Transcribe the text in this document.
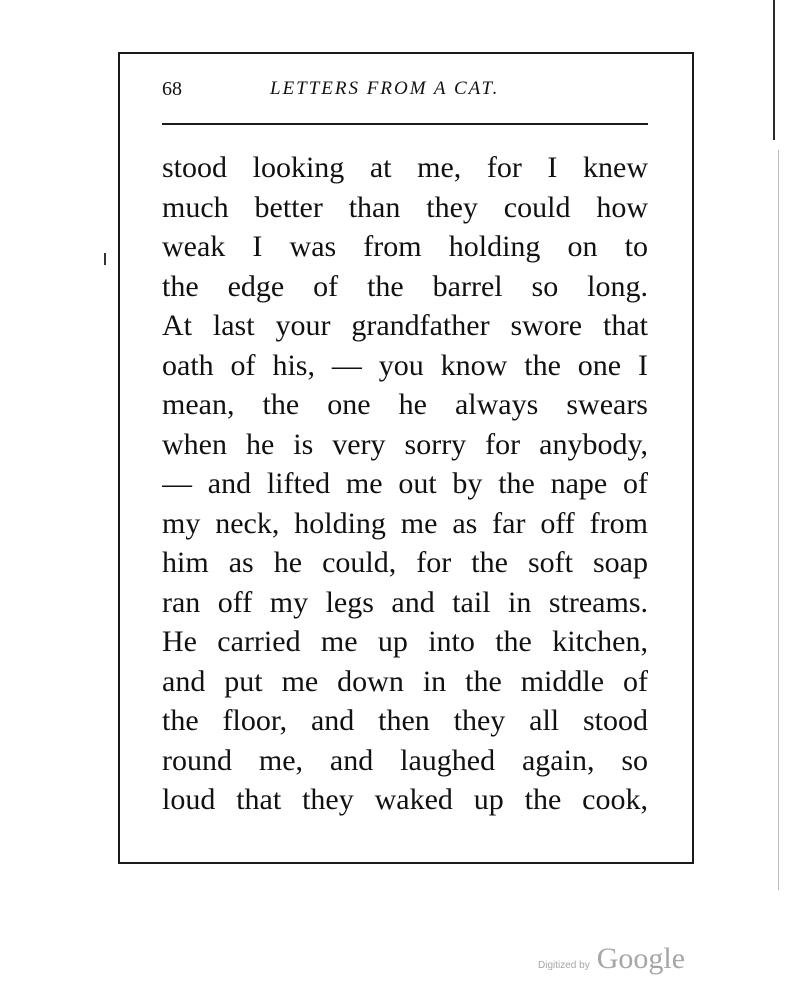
68	LETTERS FROM A CAT.
stood looking at me, for I knew
much better than they could how
weak I was from holding on to
the edge of the barrel so long.
At last your grandfather swore that
oath of his, — you know the one I
mean, the one he always swears
when he is very sorry for anybody,
— and lifted me out by the nape of
my neck, holding me as far off from
him as he could, for the soft soap
ran off my legs and tail in streams.
He carried me up into the kitchen,
and put me down in the middle of
the floor, and then they all stood
round me, and laughed again, so
loud that they waked up the cook,
Digitized by Google
